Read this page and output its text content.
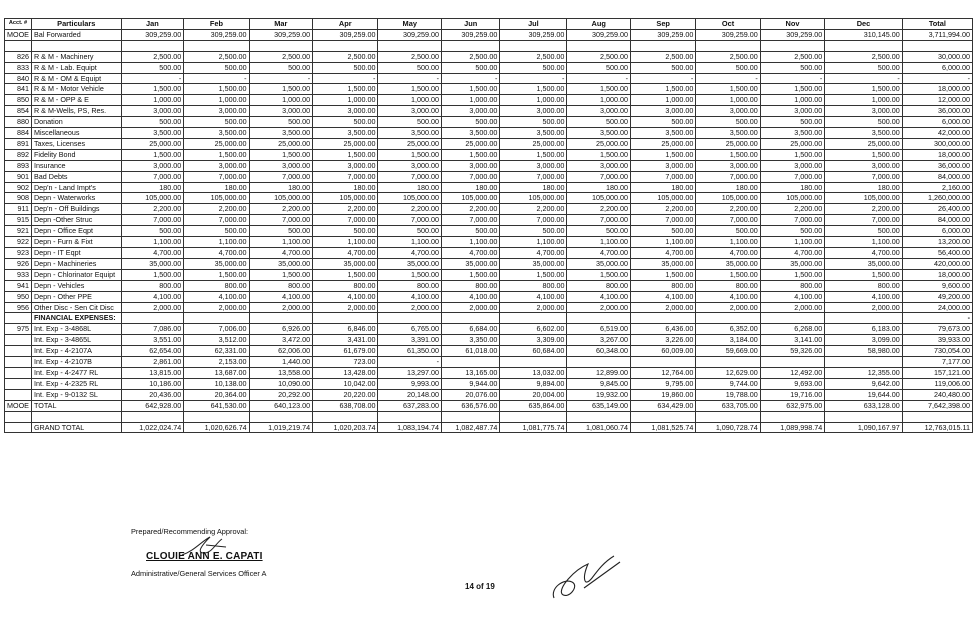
Acct. #	Particulars	Jan	Feb	Mar	Apr	May	Jun	Jul	Aug	Sep	Oct	Nov	Dec	Total
MOOE	Bal Forwarded	309,259.00	309,259.00	309,259.00	309,259.00	309,259.00	309,259.00	309,259.00	309,259.00	309,259.00	309,259.00	309,259.00	310,145.00	3,711,994.00

826	R & M - Machinery	2,500.00	2,500.00	2,500.00	2,500.00	2,500.00	2,500.00	2,500.00	2,500.00	2,500.00	2,500.00	2,500.00	2,500.00	30,000.00
833	R & M - Lab. Equipt	500.00	500.00	500.00	500.00	500.00	500.00	500.00	500.00	500.00	500.00	500.00	500.00	6,000.00
840	R & M - OM & Equipt	-	-	-	-	-	-	-	-	-	-	-	-	-
841	R & M - Motor Vehicle	1,500.00	1,500.00	1,500.00	1,500.00	1,500.00	1,500.00	1,500.00	1,500.00	1,500.00	1,500.00	1,500.00	1,500.00	18,000.00
850	R & M - OPP & E	1,000.00	1,000.00	1,000.00	1,000.00	1,000.00	1,000.00	1,000.00	1,000.00	1,000.00	1,000.00	1,000.00	1,000.00	12,000.00
854	R & M-Wells, PS, Res.	3,000.00	3,000.00	3,000.00	3,000.00	3,000.00	3,000.00	3,000.00	3,000.00	3,000.00	3,000.00	3,000.00	3,000.00	36,000.00
880	Donation	500.00	500.00	500.00	500.00	500.00	500.00	500.00	500.00	500.00	500.00	500.00	500.00	6,000.00
884	Miscellaneous	3,500.00	3,500.00	3,500.00	3,500.00	3,500.00	3,500.00	3,500.00	3,500.00	3,500.00	3,500.00	3,500.00	3,500.00	42,000.00
891	Taxes, Licenses	25,000.00	25,000.00	25,000.00	25,000.00	25,000.00	25,000.00	25,000.00	25,000.00	25,000.00	25,000.00	25,000.00	25,000.00	300,000.00
892	Fidelity Bond	1,500.00	1,500.00	1,500.00	1,500.00	1,500.00	1,500.00	1,500.00	1,500.00	1,500.00	1,500.00	1,500.00	1,500.00	18,000.00
893	Insurance	3,000.00	3,000.00	3,000.00	3,000.00	3,000.00	3,000.00	3,000.00	3,000.00	3,000.00	3,000.00	3,000.00	3,000.00	36,000.00
901	Bad Debts	7,000.00	7,000.00	7,000.00	7,000.00	7,000.00	7,000.00	7,000.00	7,000.00	7,000.00	7,000.00	7,000.00	7,000.00	84,000.00
902	Dep'n - Land Impt's	180.00	180.00	180.00	180.00	180.00	180.00	180.00	180.00	180.00	180.00	180.00	180.00	2,160.00
908	Depn - Waterworks	105,000.00	105,000.00	105,000.00	105,000.00	105,000.00	105,000.00	105,000.00	105,000.00	105,000.00	105,000.00	105,000.00	105,000.00	1,260,000.00
911	Dep'n - Off Buildings	2,200.00	2,200.00	2,200.00	2,200.00	2,200.00	2,200.00	2,200.00	2,200.00	2,200.00	2,200.00	2,200.00	2,200.00	26,400.00
915	Depn -Other Struc	7,000.00	7,000.00	7,000.00	7,000.00	7,000.00	7,000.00	7,000.00	7,000.00	7,000.00	7,000.00	7,000.00	7,000.00	84,000.00
921	Depn - Office Eqpt	500.00	500.00	500.00	500.00	500.00	500.00	500.00	500.00	500.00	500.00	500.00	500.00	6,000.00
922	Depn - Furn & Fixt	1,100.00	1,100.00	1,100.00	1,100.00	1,100.00	1,100.00	1,100.00	1,100.00	1,100.00	1,100.00	1,100.00	1,100.00	13,200.00
923	Depn - IT Eqpt	4,700.00	4,700.00	4,700.00	4,700.00	4,700.00	4,700.00	4,700.00	4,700.00	4,700.00	4,700.00	4,700.00	4,700.00	56,400.00
926	Depn - Machineries	35,000.00	35,000.00	35,000.00	35,000.00	35,000.00	35,000.00	35,000.00	35,000.00	35,000.00	35,000.00	35,000.00	35,000.00	420,000.00
933	Depn - Chlorinator Equipt	1,500.00	1,500.00	1,500.00	1,500.00	1,500.00	1,500.00	1,500.00	1,500.00	1,500.00	1,500.00	1,500.00	1,500.00	18,000.00
941	Depn - Vehicles	800.00	800.00	800.00	800.00	800.00	800.00	800.00	800.00	800.00	800.00	800.00	800.00	9,600.00
950	Depn - Other PPE	4,100.00	4,100.00	4,100.00	4,100.00	4,100.00	4,100.00	4,100.00	4,100.00	4,100.00	4,100.00	4,100.00	4,100.00	49,200.00
956	Other Disc - Sen Cit Disc	2,000.00	2,000.00	2,000.00	2,000.00	2,000.00	2,000.00	2,000.00	2,000.00	2,000.00	2,000.00	2,000.00	2,000.00	24,000.00
	FINANCIAL EXPENSES:													-
975	Int. Exp - 3-4868L	7,086.00	7,006.00	6,926.00	6,846.00	6,765.00	6,684.00	6,602.00	6,519.00	6,436.00	6,352.00	6,268.00	6,183.00	79,673.00
	Int. Exp - 3-4865L	3,551.00	3,512.00	3,472.00	3,431.00	3,391.00	3,350.00	3,309.00	3,267.00	3,226.00	3,184.00	3,141.00	3,099.00	39,933.00
	Int. Exp - 4-2107A	62,654.00	62,331.00	62,006.00	61,679.00	61,350.00	61,018.00	60,684.00	60,348.00	60,009.00	59,669.00	59,326.00	58,980.00	730,054.00
	Int. Exp - 4-2107B	2,861.00	2,153.00	1,440.00	723.00	-								7,177.00
	Int. Exp - 4-2477 RL	13,815.00	13,687.00	13,558.00	13,428.00	13,297.00	13,165.00	13,032.00	12,899.00	12,764.00	12,629.00	12,492.00	12,355.00	157,121.00
	Int. Exp - 4-2325 RL	10,186.00	10,138.00	10,090.00	10,042.00	9,993.00	9,944.00	9,894.00	9,845.00	9,795.00	9,744.00	9,693.00	9,642.00	119,006.00
	Int. Exp - 9-0132 SL	20,436.00	20,364.00	20,292.00	20,220.00	20,148.00	20,076.00	20,004.00	19,932.00	19,860.00	19,788.00	19,716.00	19,644.00	240,480.00
MOOE	TOTAL	642,928.00	641,530.00	640,123.00	638,708.00	637,283.00	636,576.00	635,864.00	635,149.00	634,429.00	633,705.00	632,975.00	633,128.00	7,642,398.00

	GRAND TOTAL	1,022,024.74	1,020,626.74	1,019,219.74	1,020,203.74	1,083,194.74	1,082,487.74	1,081,775.74	1,081,060.74	1,081,525.74	1,090,728.74	1,089,998.74	1,090,167.97	12,763,015.11
Prepared/Recommending Approval:
CLOUIE ANN E. CAPATI
Administrative/General Services Officer A
14 of 19
